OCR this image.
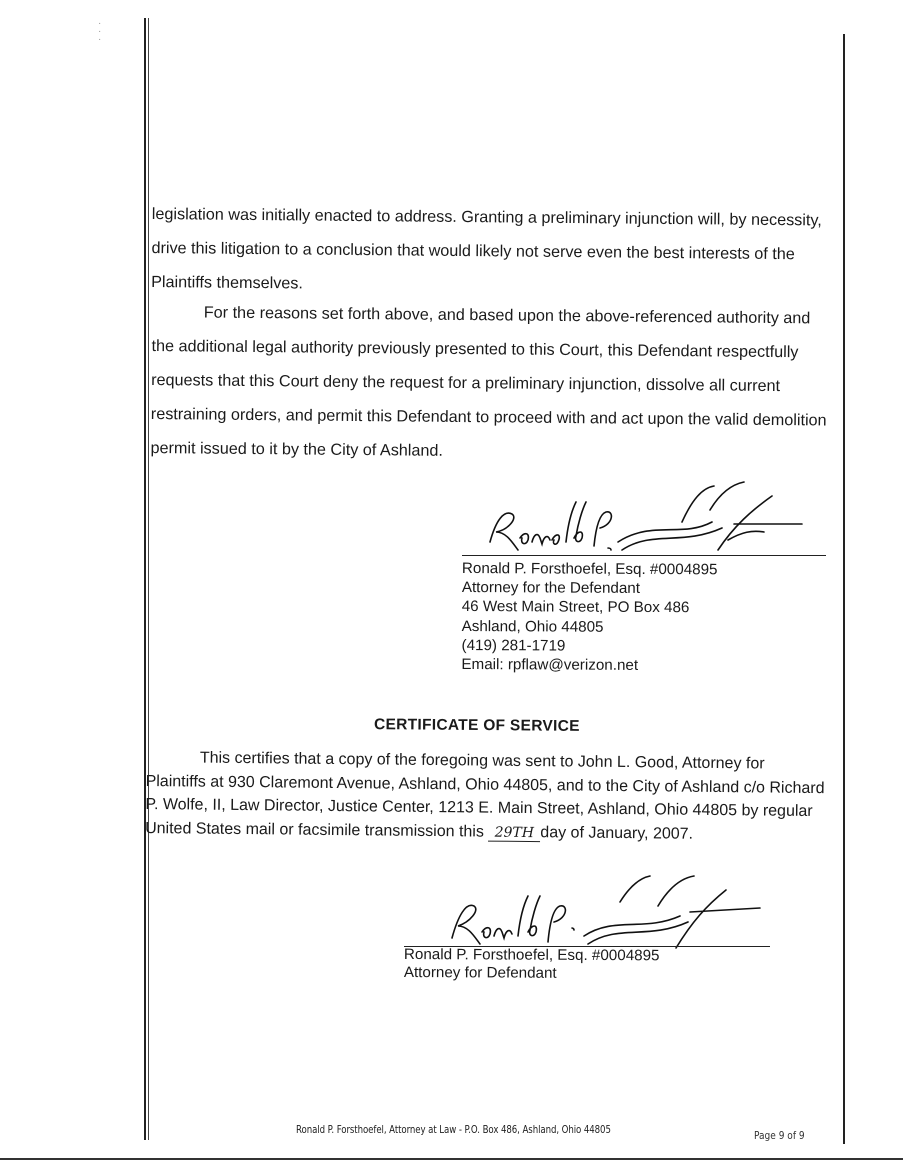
·
·
·

legislation was initially enacted to address. Granting a preliminary injunction will, by necessity, drive this litigation to a conclusion that would likely not serve even the best interests of the Plaintiffs themselves.

For the reasons set forth above, and based upon the above-referenced authority and the additional legal authority previously presented to this Court, this Defendant respectfully requests that this Court deny the request for a preliminary injunction, dissolve all current restraining orders, and permit this Defendant to proceed with and act upon the valid demolition permit issued to it by the City of Ashland.

Ronald P. Forsthoefel, Esq. #0004895
Attorney for the Defendant
46 West Main Street, PO Box 486
Ashland, Ohio 44805
(419) 281-1719
Email: rpflaw@verizon.net
CERTIFICATE OF SERVICE

This certifies that a copy of the foregoing was sent to John L. Good, Attorney for Plaintiffs at 930 Claremont Avenue, Ashland, Ohio 44805, and to the City of Ashland c/o Richard P. Wolfe, II, Law Director, Justice Center, 1213 E. Main Street, Ashland, Ohio 44805 by regular United States mail or facsimile transmission this 29TH day of January, 2007.

Ronald P. Forsthoefel, Esq. #0004895
Attorney for Defendant
Ronald P. Forsthoefel, Attorney at Law - P.O. Box 486, Ashland, Ohio 44805	Page 9 of 9
